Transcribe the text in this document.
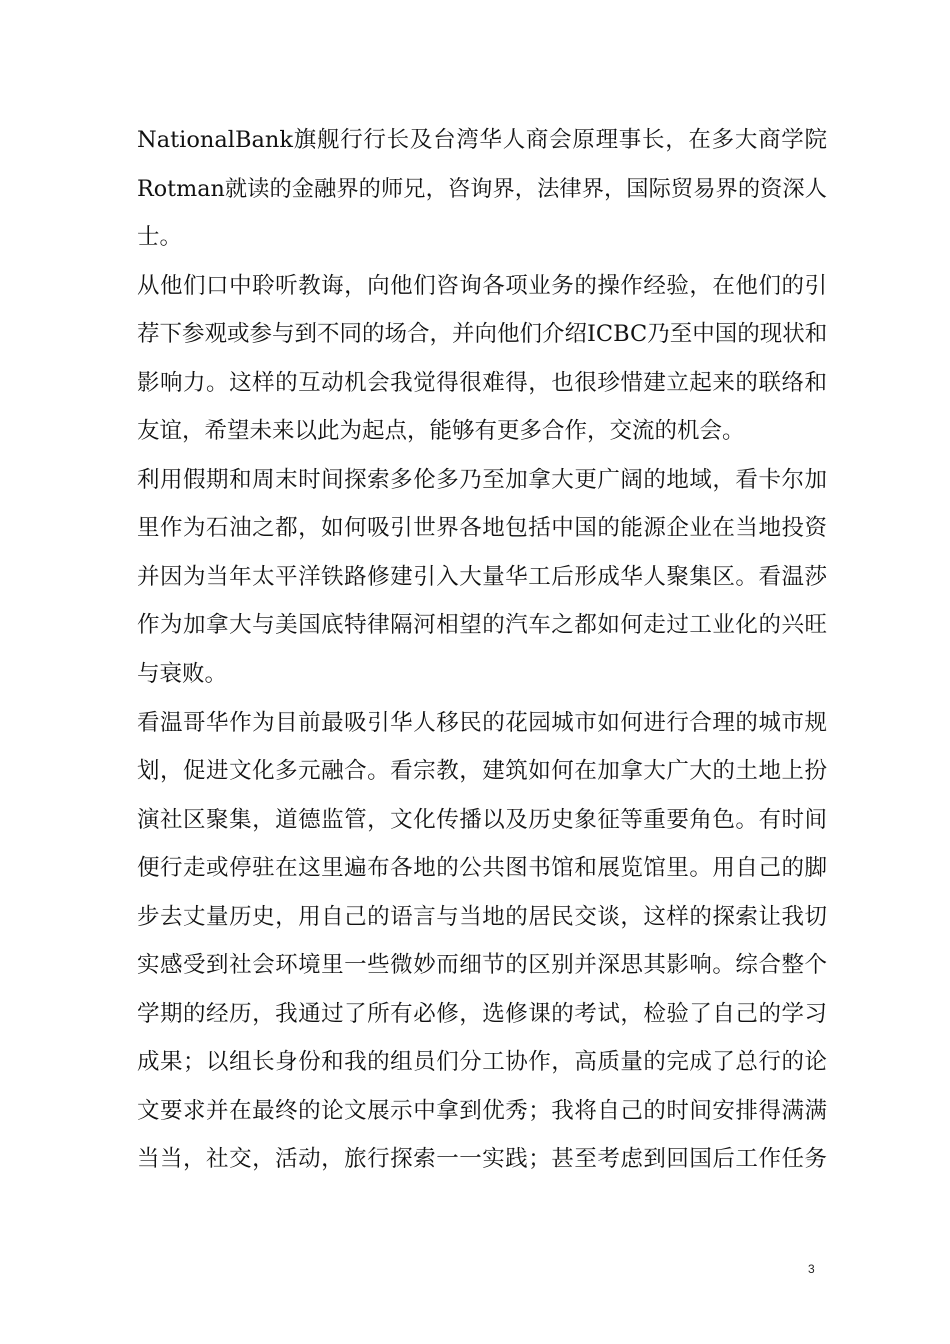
NationalBank旗舰行行长及台湾华人商会原理事长，在多大商学院
Rotman就读的金融界的师兄，咨询界，法律界，国际贸易界的资深人
士。
从他们口中聆听教诲，向他们咨询各项业务的操作经验，在他们的引
荐下参观或参与到不同的场合，并向他们介绍ICBC乃至中国的现状和
影响力。这样的互动机会我觉得很难得，也很珍惜建立起来的联络和
友谊，希望未来以此为起点，能够有更多合作，交流的机会。
利用假期和周末时间探索多伦多乃至加拿大更广阔的地域，看卡尔加
里作为石油之都，如何吸引世界各地包括中国的能源企业在当地投资
并因为当年太平洋铁路修建引入大量华工后形成华人聚集区。看温莎
作为加拿大与美国底特律隔河相望的汽车之都如何走过工业化的兴旺
与衰败。
看温哥华作为目前最吸引华人移民的花园城市如何进行合理的城市规
划，促进文化多元融合。看宗教，建筑如何在加拿大广大的土地上扮
演社区聚集，道德监管，文化传播以及历史象征等重要角色。有时间
便行走或停驻在这里遍布各地的公共图书馆和展览馆里。用自己的脚
步去丈量历史，用自己的语言与当地的居民交谈，这样的探索让我切
实感受到社会环境里一些微妙而细节的区别并深思其影响。综合整个
学期的经历，我通过了所有必修，选修课的考试，检验了自己的学习
成果；以组长身份和我的组员们分工协作，高质量的完成了总行的论
文要求并在最终的论文展示中拿到优秀；我将自己的时间安排得满满
当当，社交，活动，旅行探索一一实践；甚至考虑到回国后工作任务
3
